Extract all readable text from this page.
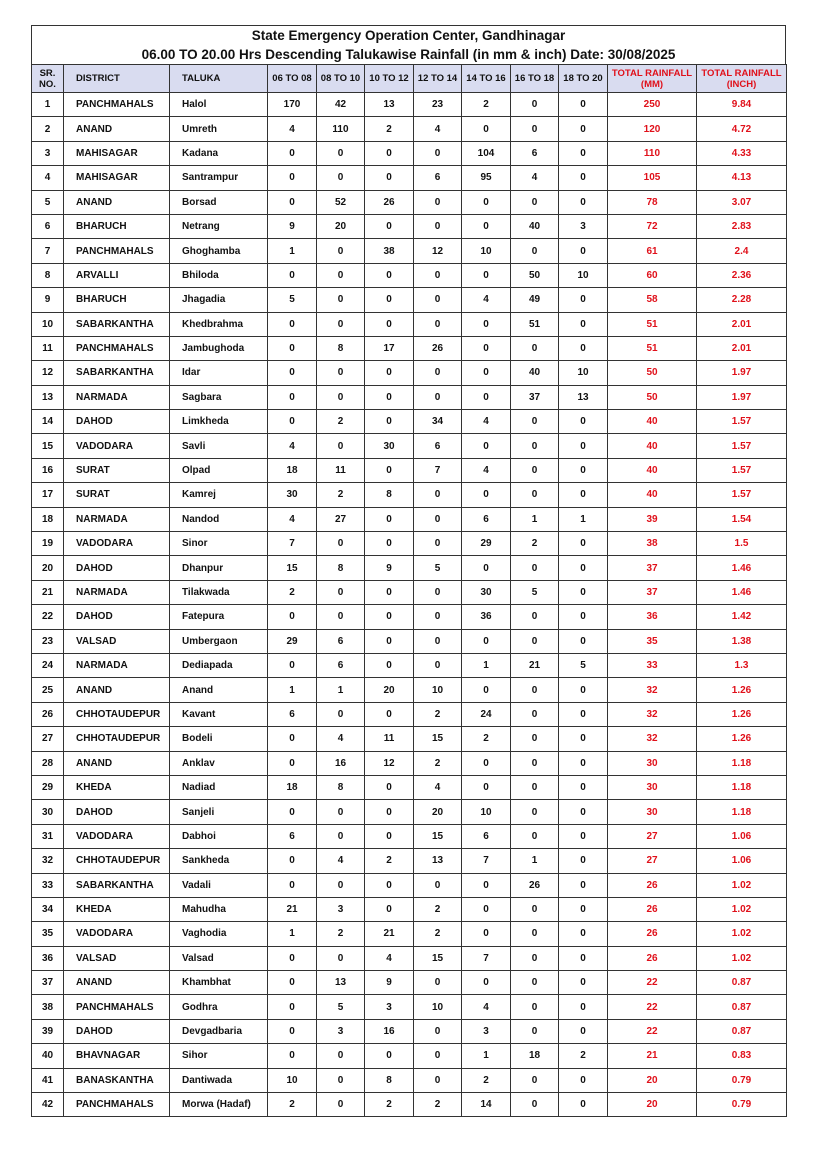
State Emergency Operation Center, Gandhinagar
06.00 TO 20.00 Hrs Descending Talukawise Rainfall (in mm & inch) Date: 30/08/2025
SR. NO.	DISTRICT	TALUKA	06 TO 08	08 TO 10	10 TO 12	12 TO 14	14 TO 16	16 TO 18	18 TO 20	TOTAL RAINFALL (MM)	TOTAL RAINFALL (INCH)
1	PANCHMAHALS	Halol	170	42	13	23	2	0	0	250	9.84
2	ANAND	Umreth	4	110	2	4	0	0	0	120	4.72
3	MAHISAGAR	Kadana	0	0	0	0	104	6	0	110	4.33
4	MAHISAGAR	Santrampur	0	0	0	6	95	4	0	105	4.13
5	ANAND	Borsad	0	52	26	0	0	0	0	78	3.07
6	BHARUCH	Netrang	9	20	0	0	0	40	3	72	2.83
7	PANCHMAHALS	Ghoghamba	1	0	38	12	10	0	0	61	2.4
8	ARVALLI	Bhiloda	0	0	0	0	0	50	10	60	2.36
9	BHARUCH	Jhagadia	5	0	0	0	4	49	0	58	2.28
10	SABARKANTHA	Khedbrahma	0	0	0	0	0	51	0	51	2.01
11	PANCHMAHALS	Jambughoda	0	8	17	26	0	0	0	51	2.01
12	SABARKANTHA	Idar	0	0	0	0	0	40	10	50	1.97
13	NARMADA	Sagbara	0	0	0	0	0	37	13	50	1.97
14	DAHOD	Limkheda	0	2	0	34	4	0	0	40	1.57
15	VADODARA	Savli	4	0	30	6	0	0	0	40	1.57
16	SURAT	Olpad	18	11	0	7	4	0	0	40	1.57
17	SURAT	Kamrej	30	2	8	0	0	0	0	40	1.57
18	NARMADA	Nandod	4	27	0	0	6	1	1	39	1.54
19	VADODARA	Sinor	7	0	0	0	29	2	0	38	1.5
20	DAHOD	Dhanpur	15	8	9	5	0	0	0	37	1.46
21	NARMADA	Tilakwada	2	0	0	0	30	5	0	37	1.46
22	DAHOD	Fatepura	0	0	0	0	36	0	0	36	1.42
23	VALSAD	Umbergaon	29	6	0	0	0	0	0	35	1.38
24	NARMADA	Dediapada	0	6	0	0	1	21	5	33	1.3
25	ANAND	Anand	1	1	20	10	0	0	0	32	1.26
26	CHHOTAUDEPUR	Kavant	6	0	0	2	24	0	0	32	1.26
27	CHHOTAUDEPUR	Bodeli	0	4	11	15	2	0	0	32	1.26
28	ANAND	Anklav	0	16	12	2	0	0	0	30	1.18
29	KHEDA	Nadiad	18	8	0	4	0	0	0	30	1.18
30	DAHOD	Sanjeli	0	0	0	20	10	0	0	30	1.18
31	VADODARA	Dabhoi	6	0	0	15	6	0	0	27	1.06
32	CHHOTAUDEPUR	Sankheda	0	4	2	13	7	1	0	27	1.06
33	SABARKANTHA	Vadali	0	0	0	0	0	26	0	26	1.02
34	KHEDA	Mahudha	21	3	0	2	0	0	0	26	1.02
35	VADODARA	Vaghodia	1	2	21	2	0	0	0	26	1.02
36	VALSAD	Valsad	0	0	4	15	7	0	0	26	1.02
37	ANAND	Khambhat	0	13	9	0	0	0	0	22	0.87
38	PANCHMAHALS	Godhra	0	5	3	10	4	0	0	22	0.87
39	DAHOD	Devgadbaria	0	3	16	0	3	0	0	22	0.87
40	BHAVNAGAR	Sihor	0	0	0	0	1	18	2	21	0.83
41	BANASKANTHA	Dantiwada	10	0	8	0	2	0	0	20	0.79
42	PANCHMAHALS	Morwa (Hadaf)	2	0	2	2	14	0	0	20	0.79
